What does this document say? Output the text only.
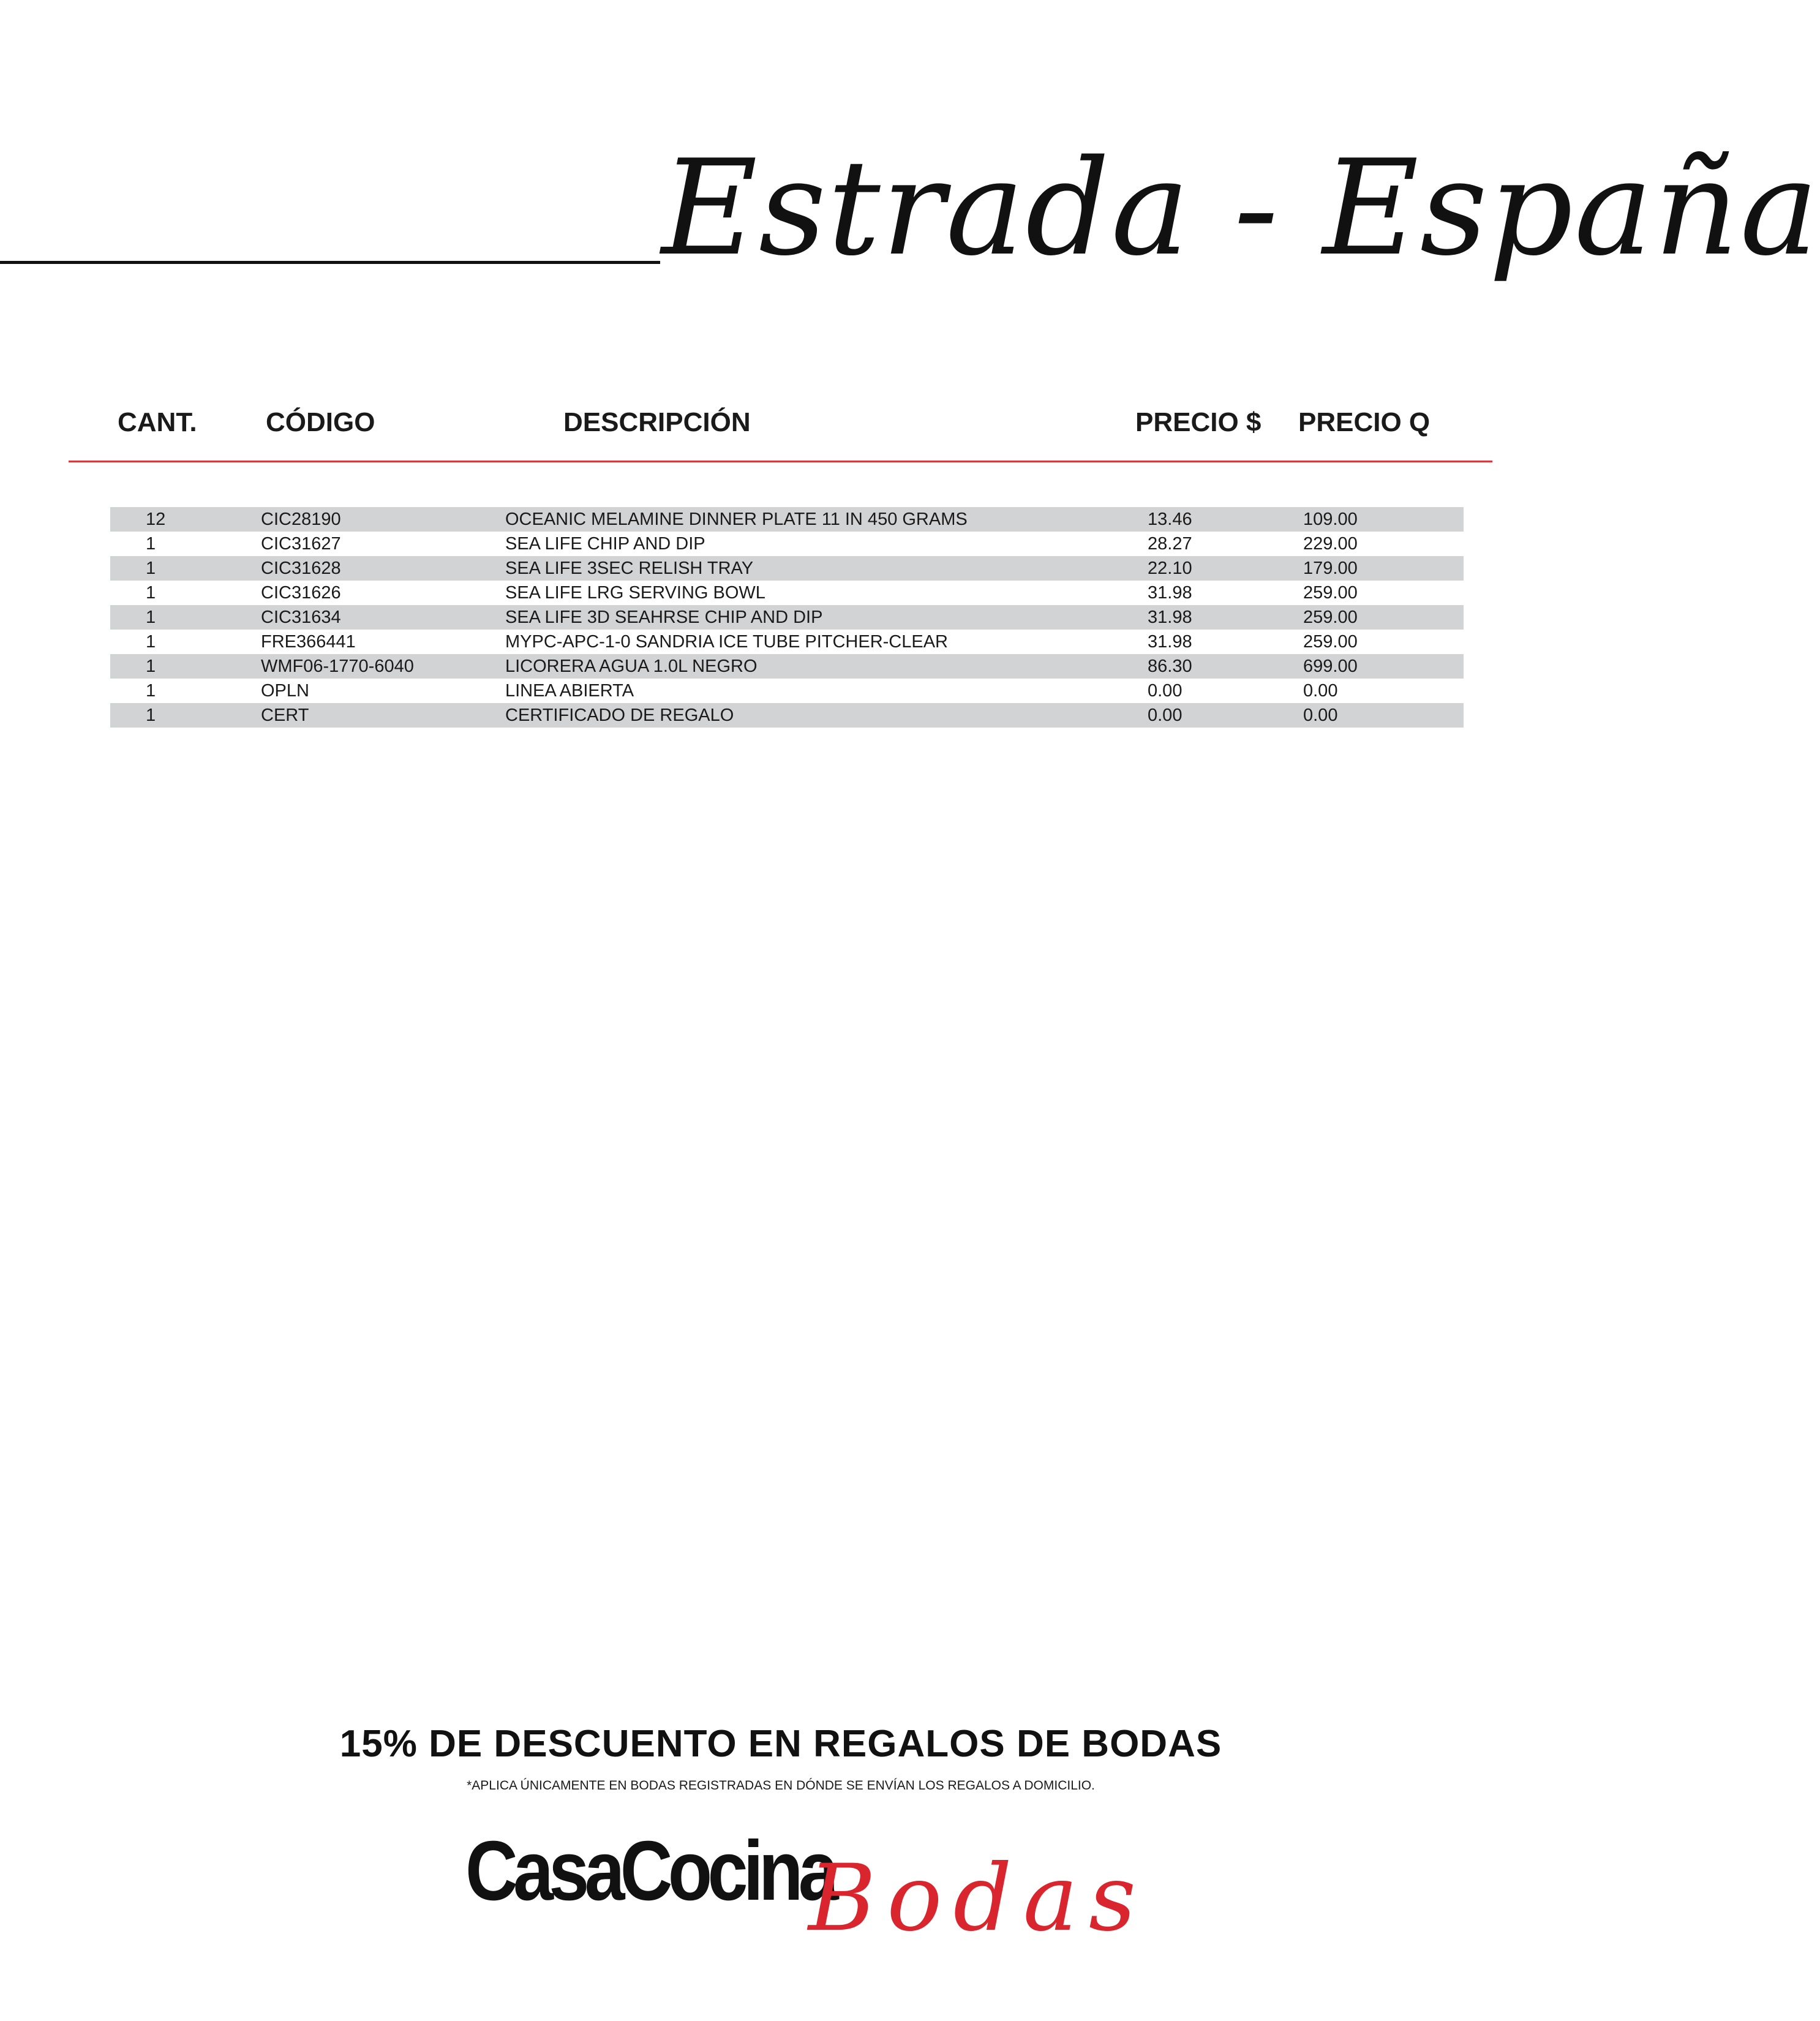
Estrada - España
CANT.	CÓDIGO	DESCRIPCIÓN	PRECIO $ PRECIO Q
12	CIC28190	OCEANIC MELAMINE DINNER PLATE 11 IN 450 GRAMS	13.46	109.00
1	CIC31627	SEA LIFE CHIP AND DIP	28.27	229.00
1	CIC31628	SEA LIFE 3SEC RELISH TRAY	22.10	179.00
1	CIC31626	SEA LIFE LRG SERVING BOWL	31.98	259.00
1	CIC31634	SEA LIFE 3D SEAHRSE CHIP AND DIP	31.98	259.00
1	FRE366441	MYPC-APC-1-0 SANDRIA ICE TUBE PITCHER-CLEAR	31.98	259.00
1	WMF06-1770-6040	LICORERA AGUA 1.0L NEGRO	86.30	699.00
1	OPLN	LINEA ABIERTA	0.00	0.00
1	CERT	CERTIFICADO DE REGALO	0.00	0.00
15% DE DESCUENTO EN REGALOS DE BODAS
*APLICA ÚNICAMENTE EN BODAS REGISTRADAS EN DÓNDE SE ENVÍAN LOS REGALOS A DOMICILIO.
CasaCocina
Bodas
